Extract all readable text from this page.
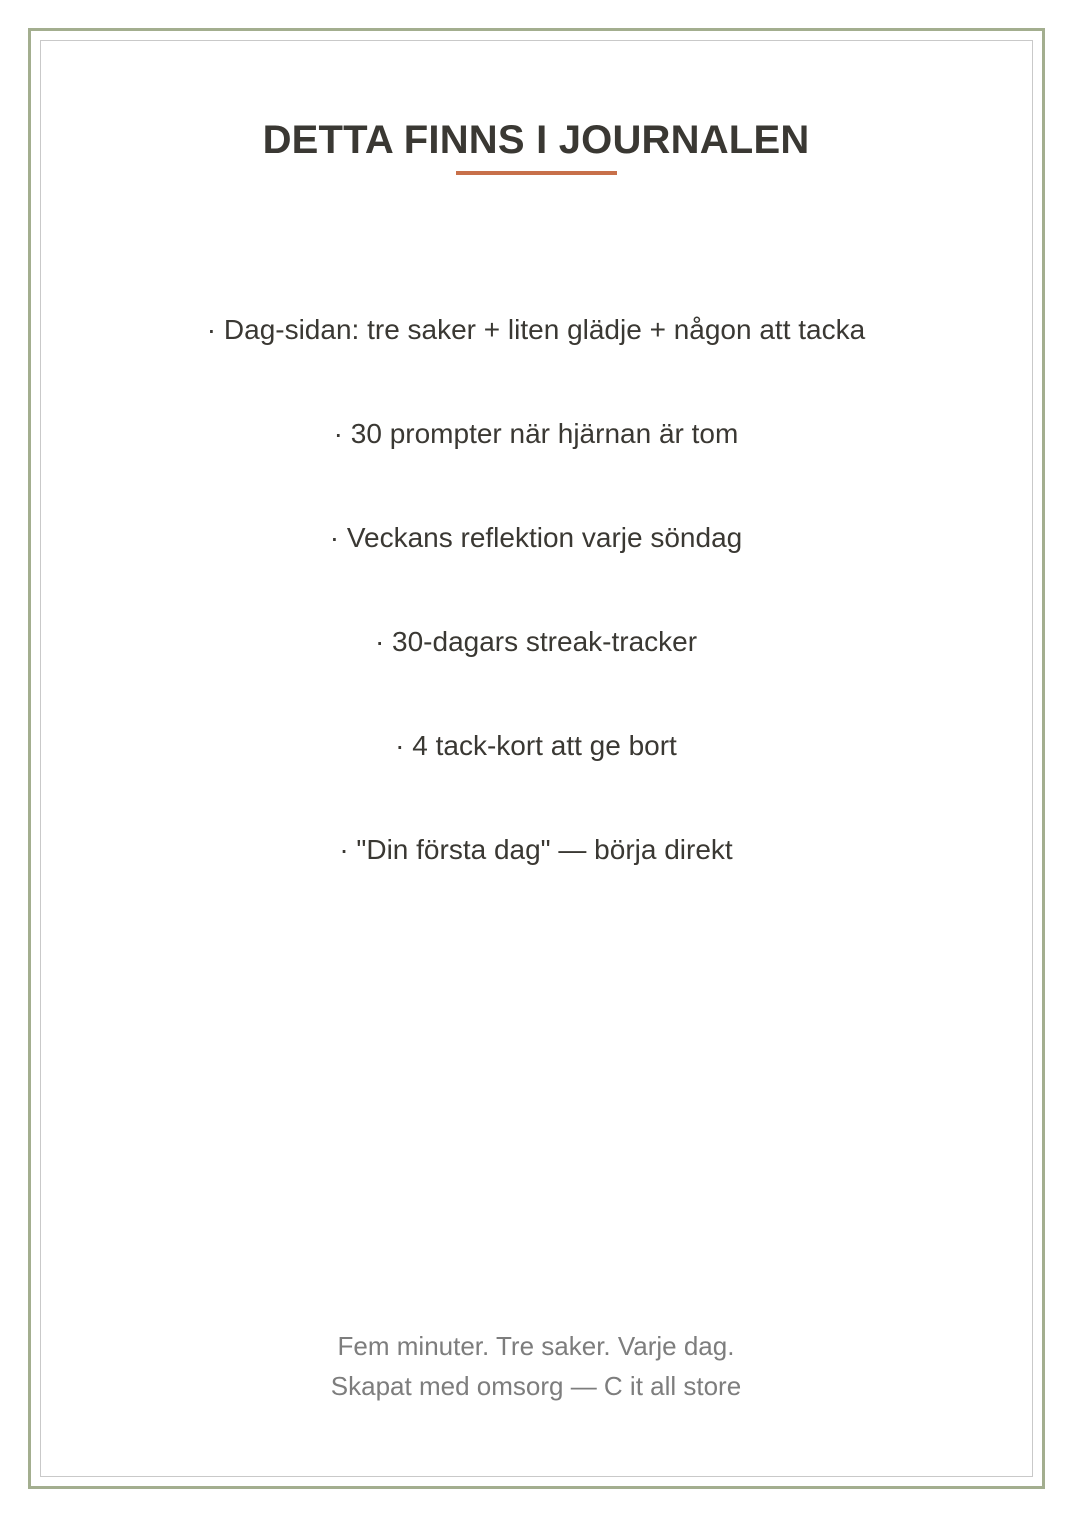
DETTA FINNS I JOURNALEN
· Dag-sidan: tre saker + liten glädje + någon att tacka
· 30 prompter när hjärnan är tom
· Veckans reflektion varje söndag
· 30-dagars streak-tracker
· 4 tack-kort att ge bort
· "Din första dag" — börja direkt
Fem minuter. Tre saker. Varje dag.
Skapat med omsorg — C it all store
